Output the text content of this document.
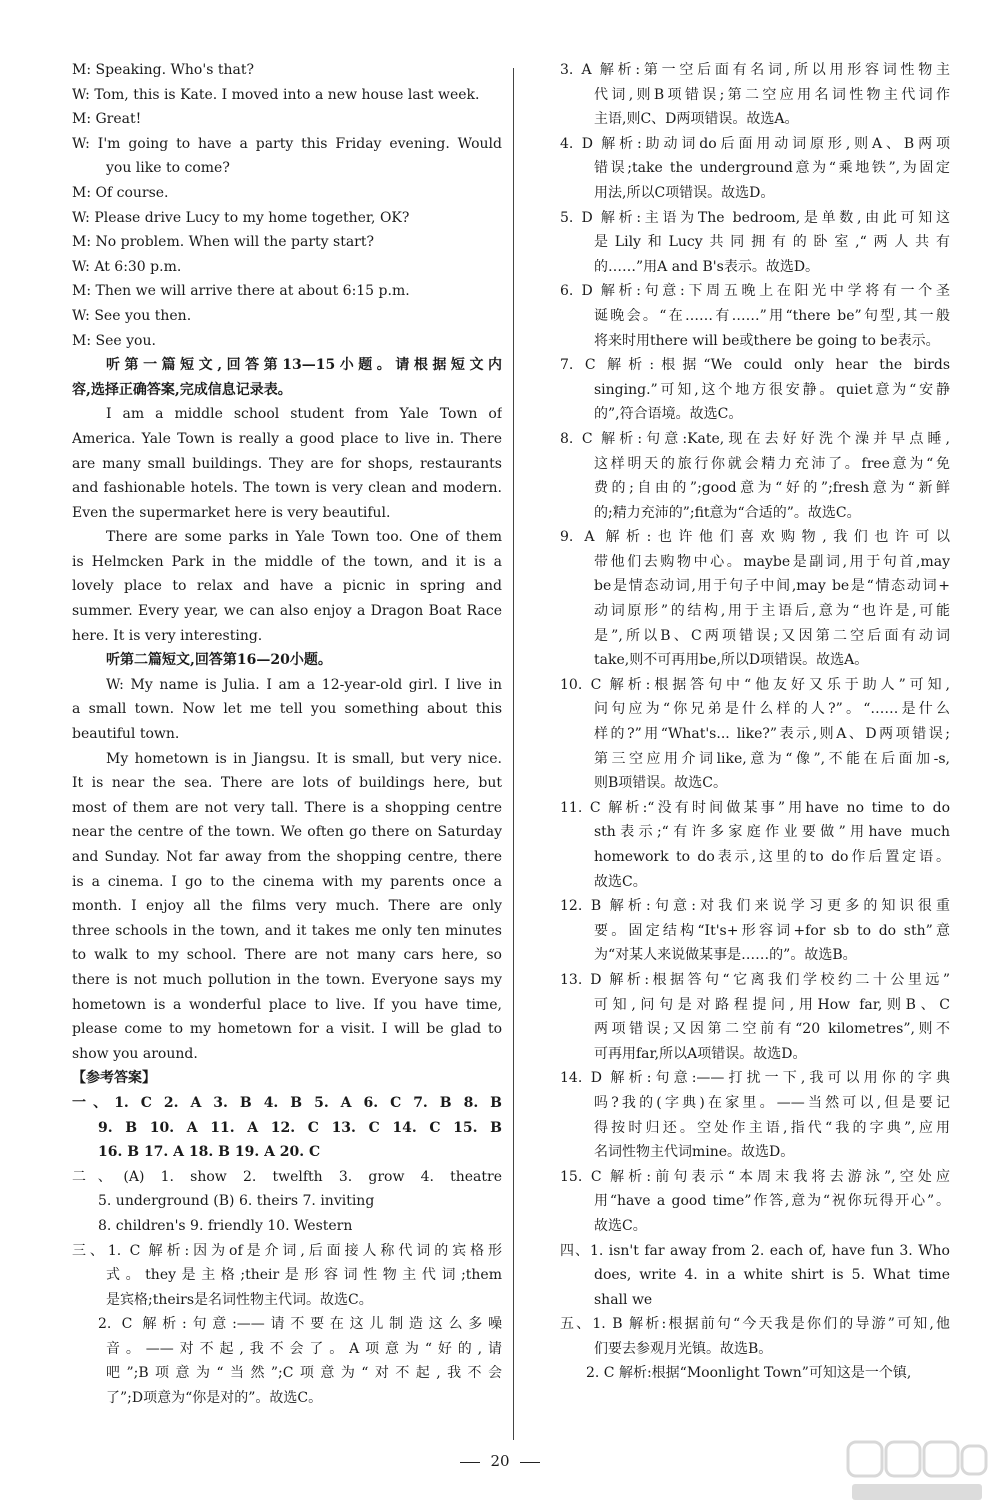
M: Speaking. Who's that?
W: Tom, this is Kate. I moved into a new house last week.
M: Great!
W: I'm going to have a party this Friday evening. Would
you like to come?
M: Of course.
W: Please drive Lucy to my home together, OK?
M: No problem. When will the party start?
W: At 6:30 p.m.
M: Then we will arrive there at about 6:15 p.m.
W: See you then.
M: See you.
听第一篇短文,回答第13—15小题。请根据短文内
容,选择正确答案,完成信息记录表。
I am a middle school student from Yale Town of
America. Yale Town is really a good place to live in. There
are many small buildings. They are for shops, restaurants
and fashionable hotels. The town is very clean and modern.
Even the supermarket here is very beautiful.
There are some parks in Yale Town too. One of them
is Helmcken Park in the middle of the town, and it is a
lovely place to relax and have a picnic in spring and
summer. Every year, we can also enjoy a Dragon Boat Race
here. It is very interesting.
听第二篇短文,回答第16—20小题。
W: My name is Julia. I am a 12-year-old girl. I live in
a small town. Now let me tell you something about this
beautiful town.
My hometown is in Jiangsu. It is small, but very nice.
It is near the sea. There are lots of buildings here, but
most of them are not very tall. There is a shopping centre
near the centre of the town. We often go there on Saturday
and Sunday. Not far away from the shopping centre, there
is a cinema. I go to the cinema with my parents once a
month. I enjoy all the films very much. There are only
three schools in the town, and it takes me only ten minutes
to walk to my school. There are not many cars here, so
there is not much pollution in the town. Everyone says my
hometown is a wonderful place to live. If you have time,
please come to my hometown for a visit. I will be glad to
show you around.
【参考答案】
一、1. C 2. A 3. B 4. B 5. A 6. C 7. B 8. B
9. B 10. A 11. A 12. C 13. C 14. C 15. B
16. B 17. A 18. B 19. A 20. C
二、(A) 1. show 2. twelfth 3. grow 4. theatre
5. underground (B) 6. theirs 7. inviting
8. children's 9. friendly 10. Western
三、1. C 解析:因为of是介词,后面接人称代词的宾格形
式。they是主格;their是形容词性物主代词;them
是宾格;theirs是名词性物主代词。故选C。
2. C 解析:句意:——请不要在这儿制造这么多噪
音。——对不起,我不会了。A项意为“好的,请
吧”;B项意为“当然”;C项意为“对不起,我不会
了”;D项意为“你是对的”。故选C。
3. A 解析:第一空后面有名词,所以用形容词性物主
代词,则B项错误;第二空应用名词性物主代词作
主语,则C、D两项错误。故选A。
4. D 解析:助动词do后面用动词原形,则A、B两项
错误;take the underground意为“乘地铁”,为固定
用法,所以C项错误。故选D。
5. D 解析:主语为The bedroom,是单数,由此可知这
是Lily和Lucy共同拥有的卧室,“两人共有
的……”用A and B's表示。故选D。
6. D 解析:句意:下周五晚上在阳光中学将有一个圣
诞晚会。“在……有……”用“there be”句型,其一般
将来时用there will be或there be going to be表示。
7. C 解析:根据“We could only hear the birds
singing.”可知,这个地方很安静。quiet意为“安静
的”,符合语境。故选C。
8. C 解析:句意:Kate,现在去好好洗个澡并早点睡,
这样明天的旅行你就会精力充沛了。free意为“免
费的;自由的”;good意为“好的”;fresh意为“新鲜
的;精力充沛的”;fit意为“合适的”。故选C。
9. A 解析:也许他们喜欢购物,我们也许可以
带他们去购物中心。maybe是副词,用于句首,may
be是情态动词,用于句子中间,may be是“情态动词+
动词原形”的结构,用于主语后,意为“也许是,可能
是”,所以B、C两项错误;又因第二空后面有动词
take,则不可再用be,所以D项错误。故选A。
10. C 解析:根据答句中“他友好又乐于助人”可知,
问句应为“你兄弟是什么样的人?”。“……是什么
样的?”用“What's... like?”表示,则A、D两项错误;
第三空应用介词like,意为“像”,不能在后面加-s,
则B项错误。故选C。
11. C 解析:“没有时间做某事”用have no time to do
sth表示;“有许多家庭作业要做”用have much
homework to do表示,这里的to do作后置定语。
故选C。
12. B 解析:句意:对我们来说学习更多的知识很重
要。固定结构“It's+形容词+for sb to do sth”意
为“对某人来说做某事是……的”。故选B。
13. D 解析:根据答句“它离我们学校约二十公里远”
可知,问句是对路程提问,用How far,则B、C
两项错误;又因第二空前有“20 kilometres”,则不
可再用far,所以A项错误。故选D。
14. D 解析:句意:——打扰一下,我可以用你的字典
吗?我的(字典)在家里。——当然可以,但是要记
得按时归还。空处作主语,指代“我的字典”,应用
名词性物主代词mine。故选D。
15. C 解析:前句表示“本周末我将去游泳”,空处应
用“have a good time”作答,意为“祝你玩得开心”。
故选C。
四、1. isn't far away from 2. each of, have fun 3. Who
does, write 4. in a white shirt is 5. What time
shall we
五、1. B 解析:根据前句“今天我是你们的导游”可知,他
们要去参观月光镇。故选B。
2. C 解析:根据“Moonlight Town”可知这是一个镇,
20
